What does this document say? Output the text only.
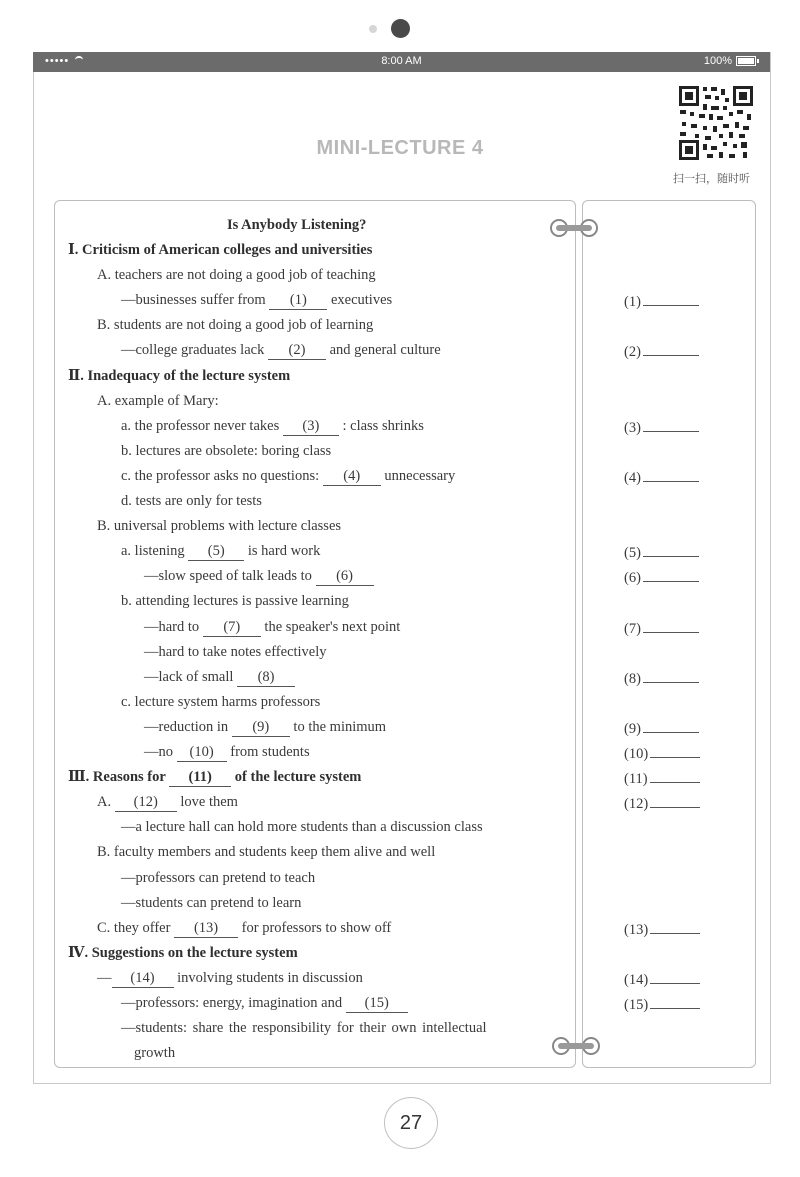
•••••	8:00 AM	100%
MINI-LECTURE 4
扫一扫，随时听
Is Anybody Listening?
Ⅰ. Criticism of American colleges and universities
A. teachers are not doing a good job of teaching
—businesses suffer from (1) executives
B. students are not doing a good job of learning
—college graduates lack (2) and general culture
Ⅱ. Inadequacy of the lecture system
A. example of Mary:
a. the professor never takes (3) : class shrinks
b. lectures are obsolete: boring class
c. the professor asks no questions: (4) unnecessary
d. tests are only for tests
B. universal problems with lecture classes
a. listening (5) is hard work
—slow speed of talk leads to (6)
b. attending lectures is passive learning
—hard to (7) the speaker's next point
—hard to take notes effectively
—lack of small (8)
c. lecture system harms professors
—reduction in (9) to the minimum
—no (10) from students
Ⅲ. Reasons for (11) of the lecture system
A. (12) love them
—a lecture hall can hold more students than a discussion class
B. faculty members and students keep them alive and well
—professors can pretend to teach
—students can pretend to learn
C. they offer (13) for professors to show off
Ⅳ. Suggestions on the lecture system
— (14) involving students in discussion
—professors: energy, imagination and (15)
—students: share the responsibility for their own intellectual
growth
(1)
(2)
(3)
(4)
(5)
(6)
(7)
(8)
(9)
(10)
(11)
(12)
(13)
(14)
(15)
27
